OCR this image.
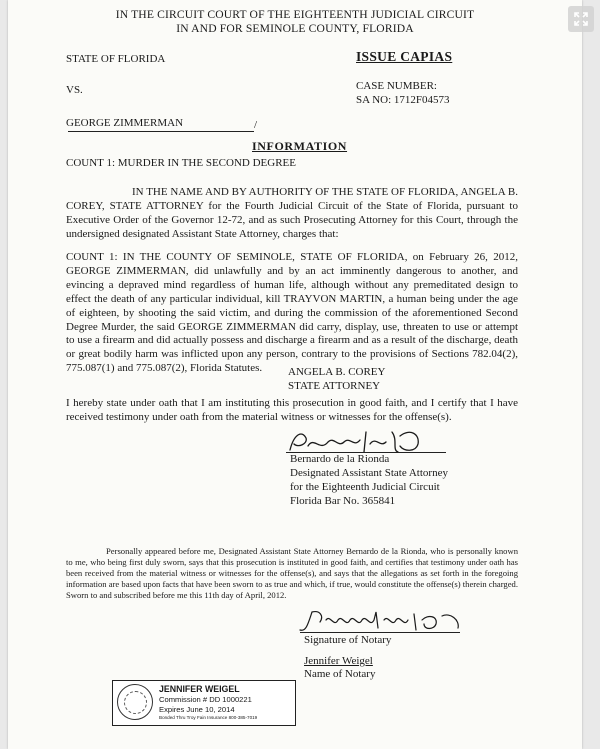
IN THE CIRCUIT COURT OF THE EIGHTEENTH JUDICIAL CIRCUIT
IN AND FOR SEMINOLE COUNTY, FLORIDA
STATE OF FLORIDA	ISSUE CAPIAS
VS.	CASE NUMBER:
SA NO: 1712F04573
GEORGE ZIMMERMAN	/
INFORMATION
COUNT 1: MURDER IN THE SECOND DEGREE
IN THE NAME AND BY AUTHORITY OF THE STATE OF FLORIDA, ANGELA B. COREY, STATE ATTORNEY for the Fourth Judicial Circuit of the State of Florida, pursuant to Executive Order of the Governor 12-72, and as such Prosecuting Attorney for this Court, through the undersigned designated Assistant State Attorney, charges that:
COUNT 1: IN THE COUNTY OF SEMINOLE, STATE OF FLORIDA, on February 26, 2012, GEORGE ZIMMERMAN, did unlawfully and by an act imminently dangerous to another, and evincing a depraved mind regardless of human life, although without any premeditated design to effect the death of any particular individual, kill TRAYVON MARTIN, a human being under the age of eighteen, by shooting the said victim, and during the commission of the aforementioned Second Degree Murder, the said GEORGE ZIMMERMAN did carry, display, use, threaten to use or attempt to use a firearm and did actually possess and discharge a firearm and as a result of the discharge, death or great bodily harm was inflicted upon any person, contrary to the provisions of Sections 782.04(2), 775.087(1) and 775.087(2), Florida Statutes.	ANGELA B. COREY
STATE ATTORNEY
I hereby state under oath that I am instituting this prosecution in good faith, and I certify that I have received testimony under oath from the material witness or witnesses for the offense(s).
Bernardo de la Rionda
Designated Assistant State Attorney
for the Eighteenth Judicial Circuit
Florida Bar No. 365841
Personally appeared before me, Designated Assistant State Attorney Bernardo de la Rionda, who is personally known to me, who being first duly sworn, says that this prosecution is instituted in good faith, and certifies that testimony under oath has been received from the material witness or witnesses for the offense(s), and says that the allegations as set forth in the foregoing information are based upon facts that have been sworn to as true and which, if true, would constitute the offense(s) therein charged. Sworn to and subscribed before me this 11th day of April, 2012.
Signature of Notary
Jennifer Weigel
Name of Notary
JENNIFER WEIGEL
Commission # DD 1000221
Expires June 10, 2014
Bonded Thru Troy Fain Insurance 800-385-7019
